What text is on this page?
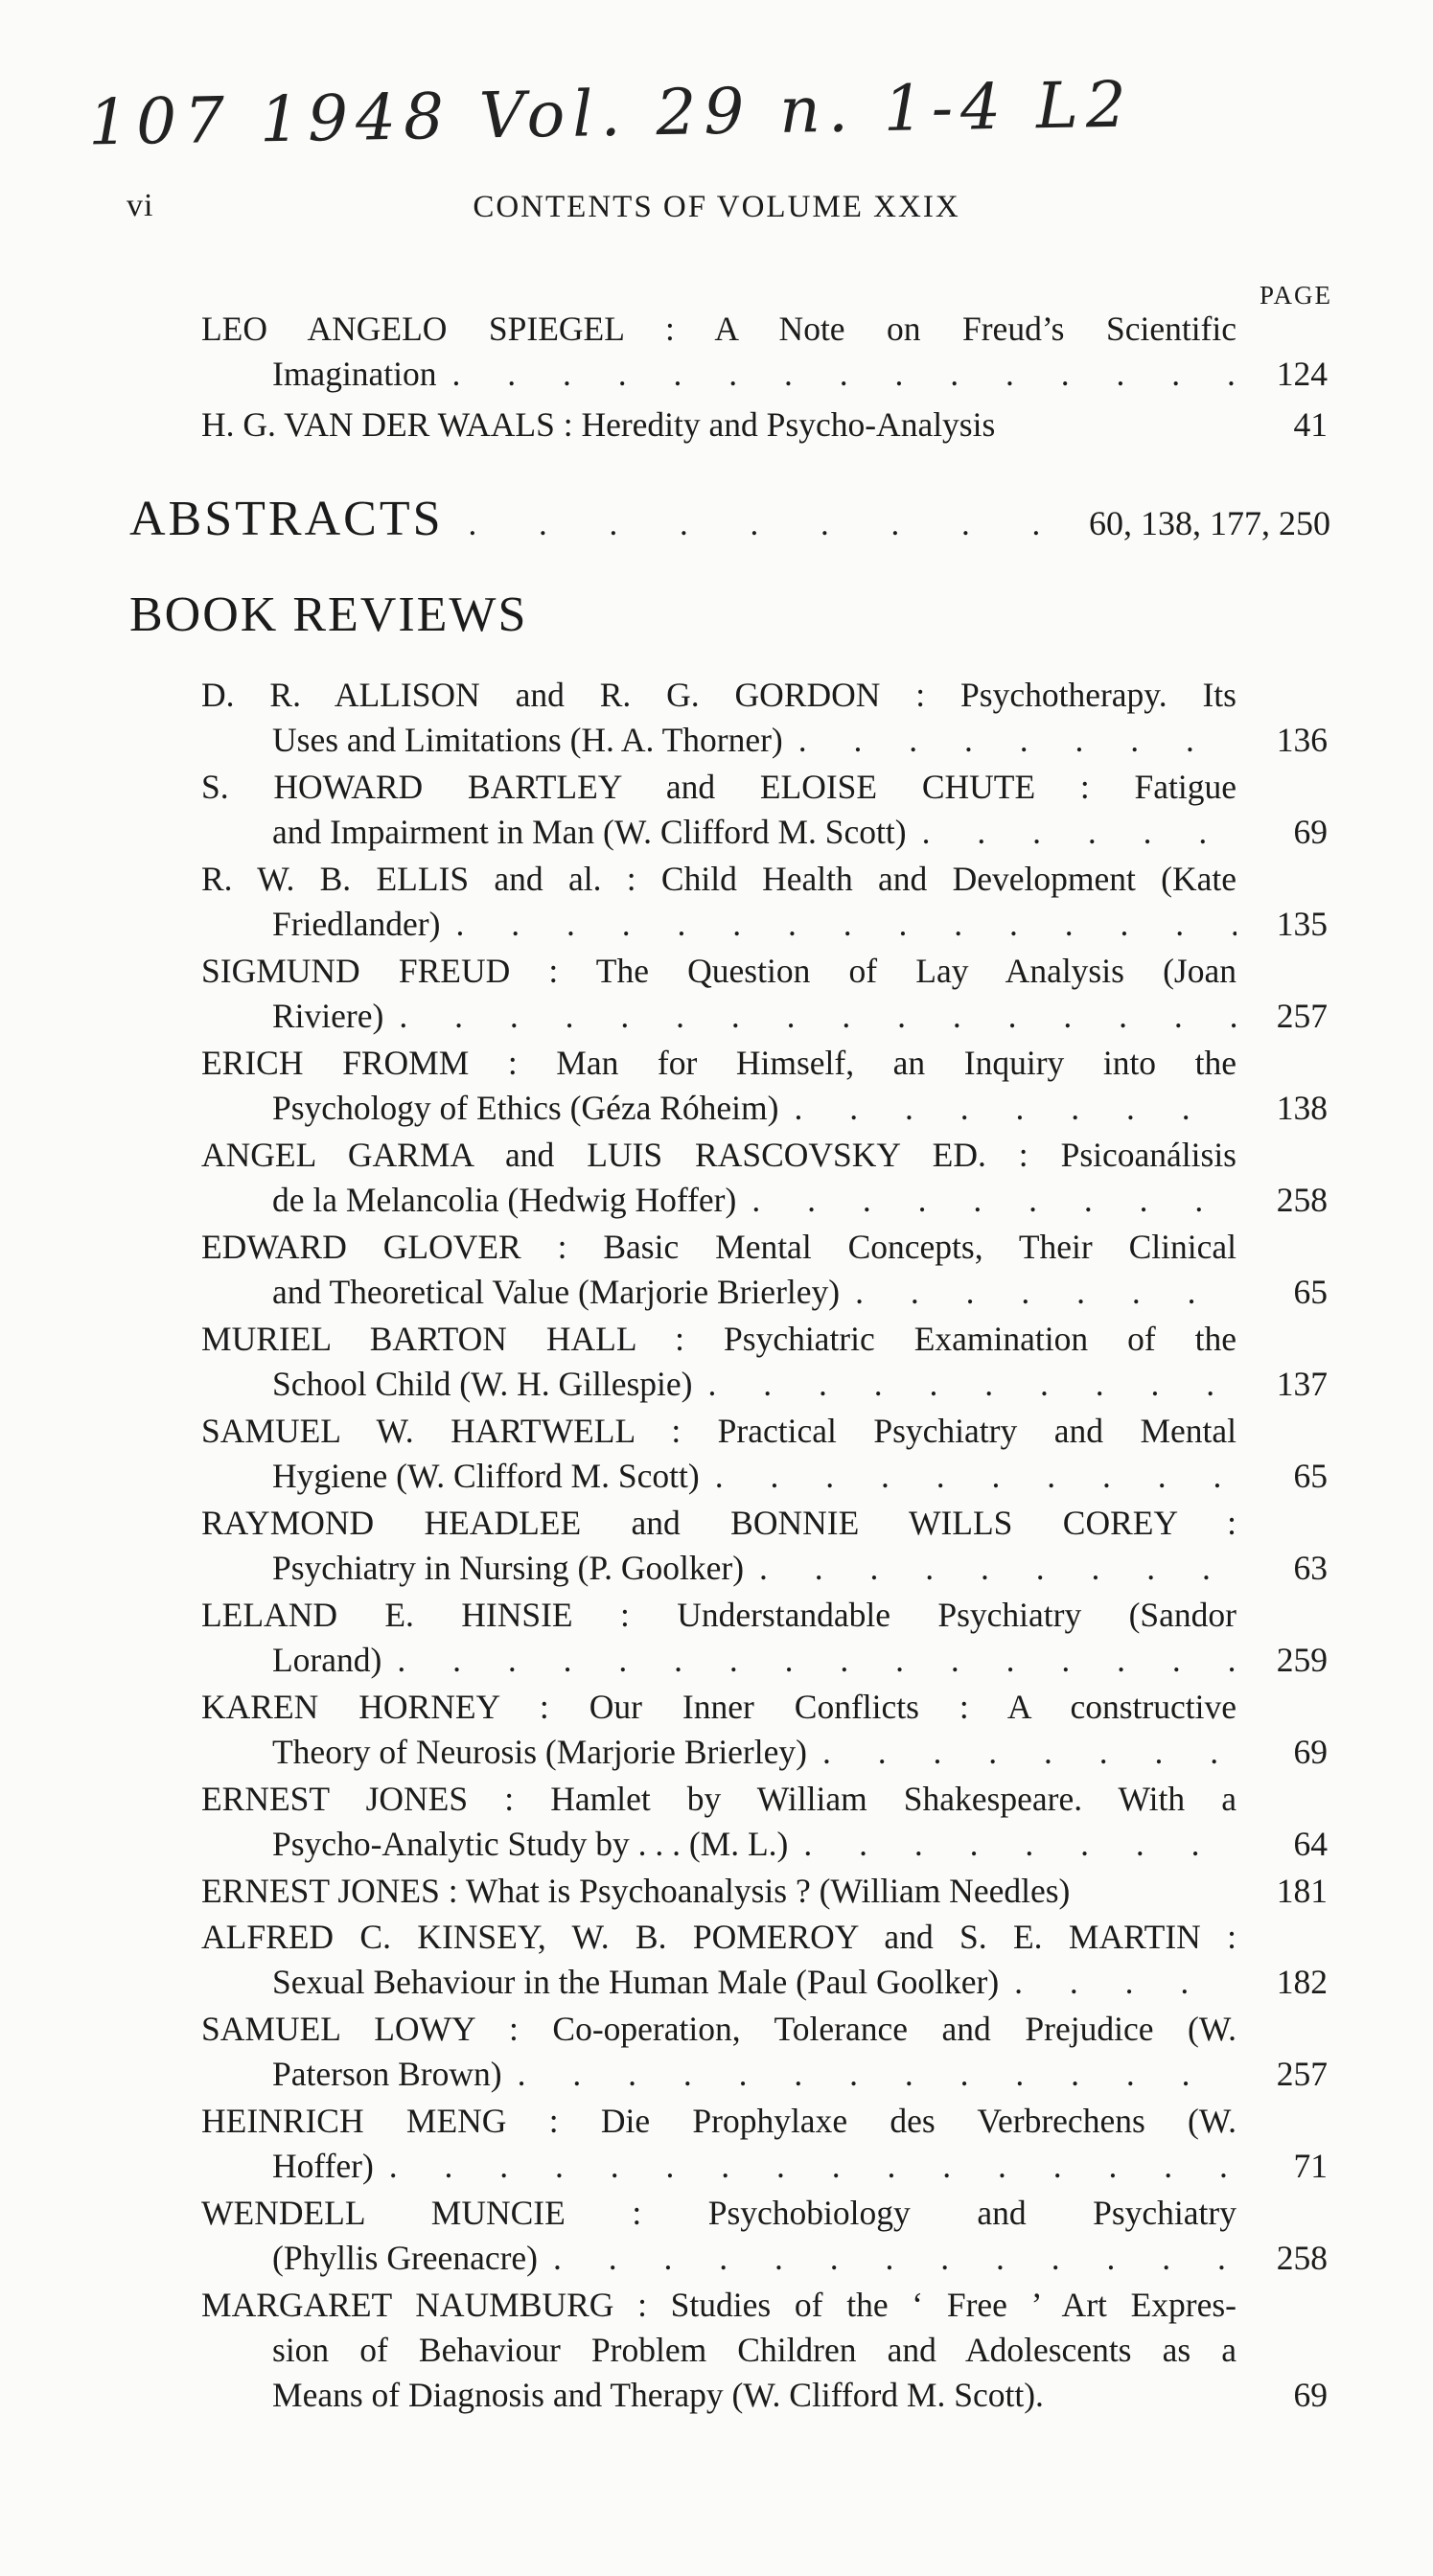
107 1948 Vol. 29 n. 1-4 L2
vi	CONTENTS OF VOLUME XXIX
PAGE
LEO ANGELO SPIEGEL : A Note on Freud’s Scientific
Imagination . . .	124
H. G. VAN DER WAALS : Heredity and Psycho-Analysis	41
ABSTRACTS . . .	60, 138, 177, 250
BOOK REVIEWS
D. R. ALLISON and R. G. GORDON : Psychotherapy. Its
Uses and Limitations (H. A. Thorner) . . .	136
S. HOWARD BARTLEY and ELOISE CHUTE : Fatigue
and Impairment in Man (W. Clifford M. Scott) . . .	69
R. W. B. ELLIS and al. : Child Health and Development (Kate
Friedlander) . . .	135
SIGMUND FREUD : The Question of Lay Analysis (Joan
Riviere) . . .	257
ERICH FROMM : Man for Himself, an Inquiry into the
Psychology of Ethics (Géza Róheim) . . .	138
ANGEL GARMA and LUIS RASCOVSKY ED. : Psicoanálisis
de la Melancolia (Hedwig Hoffer) . . .	258
EDWARD GLOVER : Basic Mental Concepts, Their Clinical
and Theoretical Value (Marjorie Brierley) . . .	65
MURIEL BARTON HALL : Psychiatric Examination of the
School Child (W. H. Gillespie) . . .	137
SAMUEL W. HARTWELL : Practical Psychiatry and Mental
Hygiene (W. Clifford M. Scott) . . .	65
RAYMOND HEADLEE and BONNIE WILLS COREY :
Psychiatry in Nursing (P. Goolker) . . .	63
LELAND E. HINSIE : Understandable Psychiatry (Sandor
Lorand) . . .	259
KAREN HORNEY : Our Inner Conflicts : A constructive
Theory of Neurosis (Marjorie Brierley) . . .	69
ERNEST JONES : Hamlet by William Shakespeare. With a
Psycho-Analytic Study by . . . (M. L.) . . .	64
ERNEST JONES : What is Psychoanalysis ? (William Needles)	181
ALFRED C. KINSEY, W. B. POMEROY and S. E. MARTIN :
Sexual Behaviour in the Human Male (Paul Goolker) . . .	182
SAMUEL LOWY : Co-operation, Tolerance and Prejudice (W.
Paterson Brown) . . .	257
HEINRICH MENG : Die Prophylaxe des Verbrechens (W.
Hoffer) . . .	71
WENDELL MUNCIE : Psychobiology and Psychiatry
(Phyllis Greenacre) . . .	258
MARGARET NAUMBURG : Studies of the ‘ Free ’ Art Expres-
sion of Behaviour Problem Children and Adolescents as a
Means of Diagnosis and Therapy (W. Clifford M. Scott).	69
